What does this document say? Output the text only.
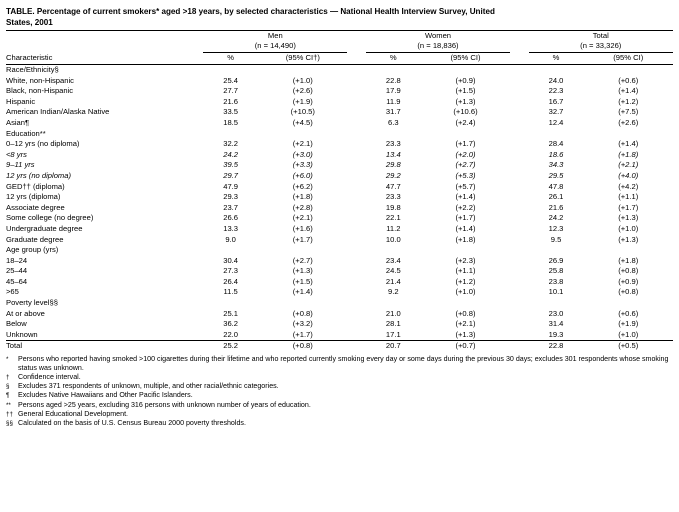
TABLE. Percentage of current smokers* aged >18 years, by selected characteristics — National Health Interview Survey, United
States, 2001
	Men			Women			Total	
	(n = 14,490)			(n = 18,836)			(n = 33,326)	

Characteristic	%	(95% CI†)		%	(95% CI)		%	(95% CI)
Race/Ethnicity§								
White, non-Hispanic	25.4	(+1.0)		22.8	(+0.9)		24.0	(+0.6)
Black, non-Hispanic	27.7	(+2.6)		17.9	(+1.5)		22.3	(+1.4)
Hispanic	21.6	(+1.9)		11.9	(+1.3)		16.7	(+1.2)
American Indian/Alaska Native	33.5	(+10.5)		31.7	(+10.6)		32.7	(+7.5)
Asian¶	18.5	(+4.5)		6.3	(+2.4)		12.4	(+2.6)
Education**								
0–12 yrs (no diploma)	32.2	(+2.1)		23.3	(+1.7)		28.4	(+1.4)
<8 yrs	24.2	(+3.0)		13.4	(+2.0)		18.6	(+1.8)
9–11 yrs	39.5	(+3.3)		29.8	(+2.7)		34.3	(+2.1)
12 yrs (no diploma)	29.7	(+6.0)		29.2	(+5.3)		29.5	(+4.0)
GED†† (diploma)	47.9	(+6.2)		47.7	(+5.7)		47.8	(+4.2)
12 yrs (diploma)	29.3	(+1.8)		23.3	(+1.4)		26.1	(+1.1)
Associate degree	23.7	(+2.8)		19.8	(+2.2)		21.6	(+1.7)
Some college (no degree)	26.6	(+2.1)		22.1	(+1.7)		24.2	(+1.3)
Undergraduate degree	13.3	(+1.6)		11.2	(+1.4)		12.3	(+1.0)
Graduate degree	9.0	(+1.7)		10.0	(+1.8)		9.5	(+1.3)
Age group (yrs)								
18–24	30.4	(+2.7)		23.4	(+2.3)		26.9	(+1.8)
25–44	27.3	(+1.3)		24.5	(+1.1)		25.8	(+0.8)
45–64	26.4	(+1.5)		21.4	(+1.2)		23.8	(+0.9)
>65	11.5	(+1.4)		9.2	(+1.0)		10.1	(+0.8)
Poverty level§§								
At or above	25.1	(+0.8)		21.0	(+0.8)		23.0	(+0.6)
Below	36.2	(+3.2)		28.1	(+2.1)		31.4	(+1.9)
Unknown	22.0	(+1.7)		17.1	(+1.3)		19.3	(+1.0)
Total	25.2	(+0.8)		20.7	(+0.7)		22.8	(+0.5)
*	Persons who reported having smoked >100 cigarettes during their lifetime and who reported currently smoking every day or some days during the previous 30 days; excludes 301 respondents whose smoking status was unknown.
†	Confidence interval.
§	Excludes 371 respondents of unknown, multiple, and other racial/ethnic categories.
¶	Excludes Native Hawaiians and Other Pacific Islanders.
**	Persons aged >25 years, excluding 316 persons with unknown number of years of education.
†† General Educational Development.
§§ Calculated on the basis of U.S. Census Bureau 2000 poverty thresholds.
